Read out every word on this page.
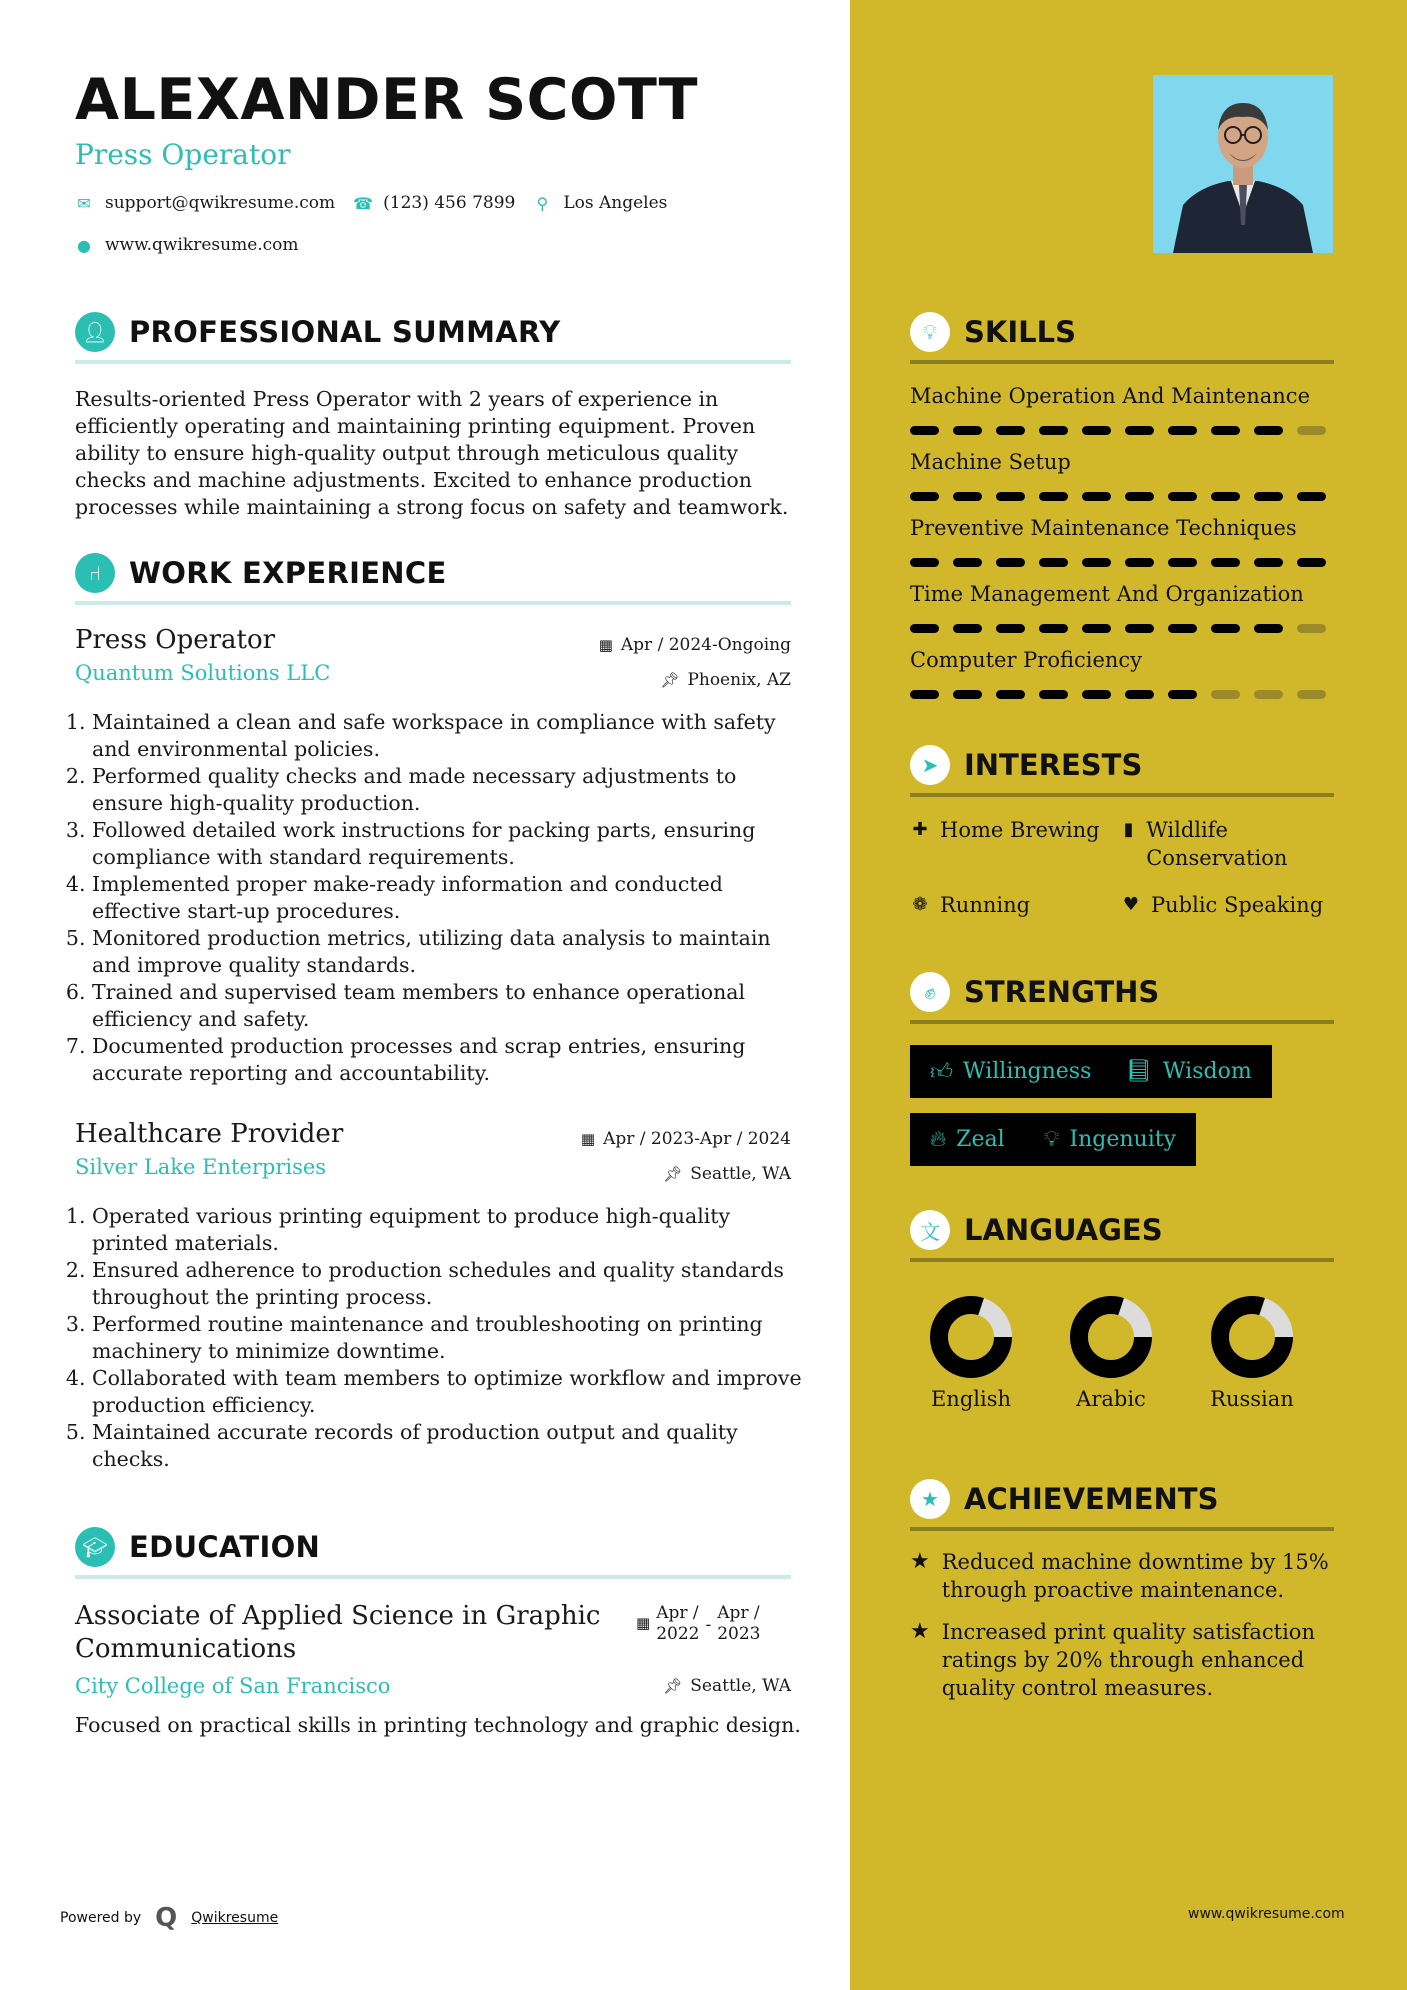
ALEXANDER SCOTT
Press Operator
✉ support@qwikresume.com ☎ (123) 456 7899 ⚲ Los Angeles
● www.qwikresume.com
👤︎ PROFESSIONAL SUMMARY
Results-oriented Press Operator with 2 years of experience in efficiently operating and maintaining printing equipment. Proven ability to ensure high-quality output through meticulous quality checks and machine adjustments. Excited to enhance production processes while maintaining a strong focus on safety and teamwork.
⑁ WORK EXPERIENCE
Press Operator	▦ Apr / 2024-Ongoing
Quantum Solutions LLC	📌︎ Phoenix, AZ
1. Maintained a clean and safe workspace in compliance with safety and environmental policies.
2. Performed quality checks and made necessary adjustments to ensure high-quality production.
3. Followed detailed work instructions for packing parts, ensuring compliance with standard requirements.
4. Implemented proper make-ready information and conducted effective start-up procedures.
5. Monitored production metrics, utilizing data analysis to maintain and improve quality standards.
6. Trained and supervised team members to enhance operational efficiency and safety.
7. Documented production processes and scrap entries, ensuring accurate reporting and accountability.
Healthcare Provider	▦ Apr / 2023-Apr / 2024
Silver Lake Enterprises	📌︎ Seattle, WA
1. Operated various printing equipment to produce high-quality printed materials.
2. Ensured adherence to production schedules and quality standards throughout the printing process.
3. Performed routine maintenance and troubleshooting on printing machinery to minimize downtime.
4. Collaborated with team members to optimize workflow and improve production efficiency.
5. Maintained accurate records of production output and quality checks.
🎓︎ EDUCATION
Associate of Applied Science in Graphic
Communications
▦ Apr /
2022 -
Apr /
2023
City College of San Francisco	📌︎ Seattle, WA
Focused on practical skills in printing technology and graphic design.
💡︎ SKILLS
Machine Operation And Maintenance
Machine Setup
Preventive Maintenance Techniques
Time Management And Organization
Computer Proficiency
➤ INTERESTS
✚ Home Brewing ▮ Wildlife Conservation
❁ Running	♥ Public Speaking
✊︎ STRENGTHS
👍︎ Willingness 📘︎ Wisdom
🔥︎ Zeal 💡︎ Ingenuity
文 LANGUAGES
English	Arabic	Russian
★ ACHIEVEMENTS
★ Reduced machine downtime by 15% through proactive maintenance.
★ Increased print quality satisfaction ratings by 20% through enhanced quality control measures.
Powered by Q Qwikresume	www.qwikresume.com
